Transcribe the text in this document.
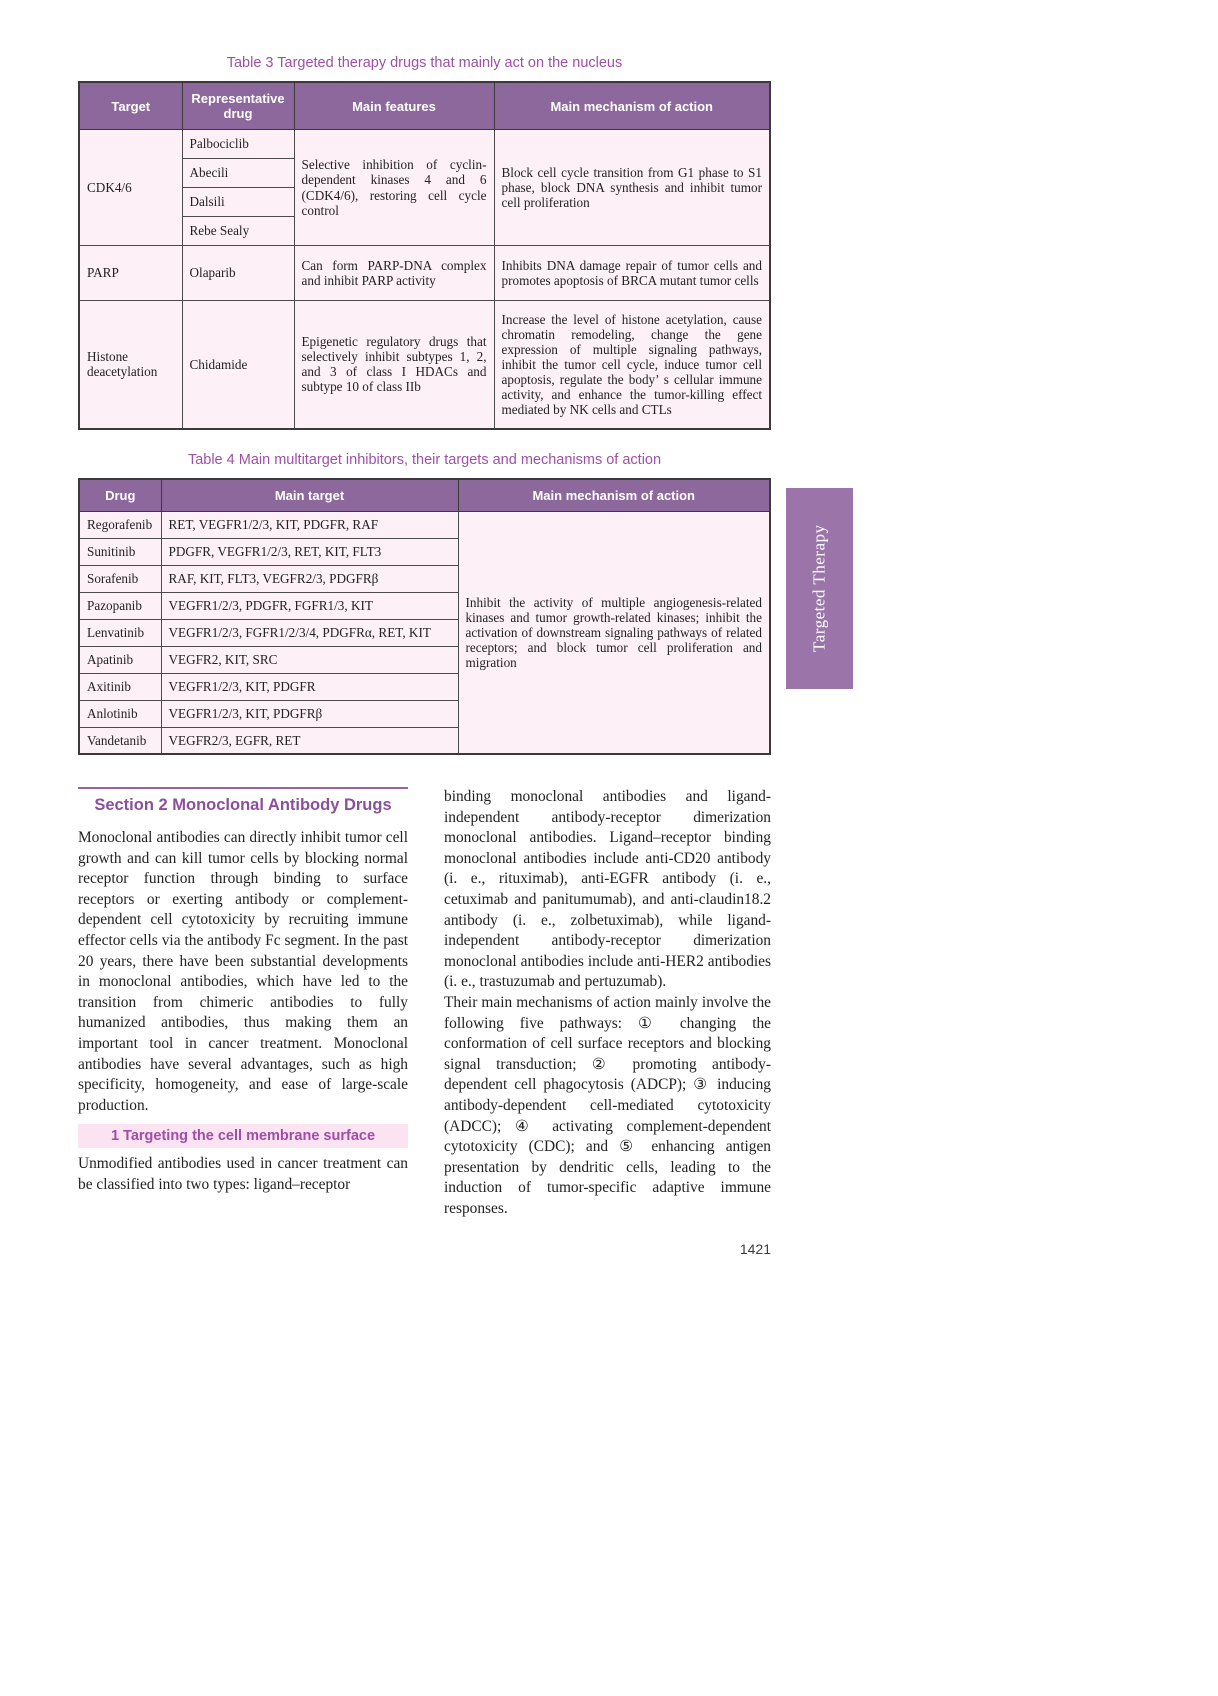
Table 3 Targeted therapy drugs that mainly act on the nucleus
Target	Representative drug	Main features	Main mechanism of action
CDK4/6	Palbociclib	Selective inhibition of cyclin-dependent kinases 4 and 6 (CDK4/6), restoring cell cycle control	Block cell cycle transition from G1 phase to S1 phase, block DNA synthesis and inhibit tumor cell proliferation
	Abecili		
	Dalsili		
	Rebe Sealy		
PARP	Olaparib	Can form PARP-DNA complex and inhibit PARP activity	Inhibits DNA damage repair of tumor cells and promotes apoptosis of BRCA mutant tumor cells
Histone deacetylation	Chidamide	Epigenetic regulatory drugs that selectively inhibit subtypes 1, 2, and 3 of class I HDACs and subtype 10 of class IIb	Increase the level of histone acetylation, cause chromatin remodeling, change the gene expression of multiple signaling pathways, inhibit the tumor cell cycle, induce tumor cell apoptosis, regulate the body’ s cellular immune activity, and enhance the tumor-killing effect mediated by NK cells and CTLs
Table 4 Main multitarget inhibitors, their targets and mechanisms of action
Drug	Main target	Main mechanism of action
Regorafenib	RET, VEGFR1/2/3, KIT, PDGFR, RAF	Inhibit the activity of multiple angiogenesis-related kinases and tumor growth-related kinases; inhibit the activation of downstream signaling pathways of related receptors; and block tumor cell proliferation and migration
Sunitinib	PDGFR, VEGFR1/2/3, RET, KIT, FLT3	
Sorafenib	RAF, KIT, FLT3, VEGFR2/3, PDGFRβ	
Pazopanib	VEGFR1/2/3, PDGFR, FGFR1/3, KIT	
Lenvatinib	VEGFR1/2/3, FGFR1/2/3/4, PDGFRα, RET, KIT	
Apatinib	VEGFR2, KIT, SRC	
Axitinib	VEGFR1/2/3, KIT, PDGFR	
Anlotinib	VEGFR1/2/3, KIT, PDGFRβ	
Vandetanib	VEGFR2/3, EGFR, RET	
Section 2 Monoclonal Antibody Drugs

Monoclonal antibodies can directly inhibit tumor cell growth and can kill tumor cells by blocking normal receptor function through binding to surface receptors or exerting antibody or complement-dependent cell cytotoxicity by recruiting immune effector cells via the antibody Fc segment. In the past 20 years, there have been substantial developments in monoclonal antibodies, which have led to the transition from chimeric antibodies to fully humanized antibodies, thus making them an important tool in cancer treatment. Monoclonal antibodies have several advantages, such as high specificity, homogeneity, and ease of large-scale production.

1 Targeting the cell membrane surface

Unmodified antibodies used in cancer treatment can be classified into two types: ligand–receptor

binding monoclonal antibodies and ligand-independent antibody-receptor dimerization monoclonal antibodies. Ligand–receptor binding monoclonal antibodies include anti-CD20 antibody (i. e., rituximab), anti-EGFR antibody (i. e., cetuximab and panitumumab), and anti-claudin18.2 antibody (i. e., zolbetuximab), while ligand-independent antibody-receptor dimerization monoclonal antibodies include anti-HER2 antibodies (i. e., trastuzumab and pertuzumab).

Their main mechanisms of action mainly involve the following five pathways: ① changing the conformation of cell surface receptors and blocking signal transduction; ② promoting antibody-dependent cell phagocytosis (ADCP); ③ inducing antibody-dependent cell-mediated cytotoxicity (ADCC); ④ activating complement-dependent cytotoxicity (CDC); and ⑤ enhancing antigen presentation by dendritic cells, leading to the induction of tumor-specific adaptive immune responses.

1421
Targeted Therapy
